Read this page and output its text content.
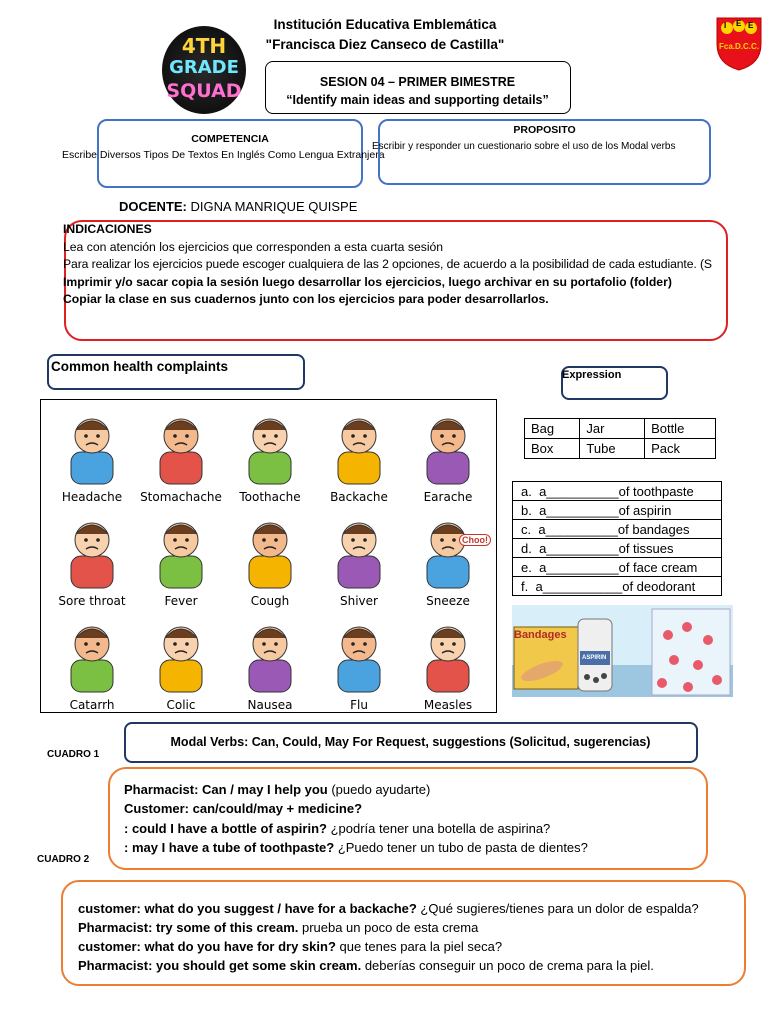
Institución Educativa Emblemática
"Francisca Diez Canseco de Castilla"
4TH
GRADE
SQUAD
I E E
Fca.D.C.C.
SESION 04 – PRIMER BIMESTRE
“Identify main ideas and supporting details”
COMPETENCIA
Escribe Diversos Tipos De Textos En Inglés Como Lengua Extranjera
PROPOSITO
Escribir y responder un cuestionario sobre el uso de los Modal verbs
DOCENTE: DIGNA MANRIQUE QUISPE
INDICACIONES
Lea con atención los ejercicios que corresponden a esta cuarta sesión
Para realizar los ejercicios puede escoger cualquiera de las 2 opciones, de acuerdo a la posibilidad de cada estudiante. (S
Imprimir y/o sacar copia la sesión luego desarrollar los ejercicios, luego archivar en su portafolio (folder)
Copiar la clase en sus cuadernos junto con los ejercicios para poder desarrollarlos.
Common health complaints
Headache	Stomachache	Toothache	Backache	Earache
Sore throat	Fever	Cough	Shiver	Sneeze
Choo!
Catarrh	Colic	Nausea	Flu	Measles
Expression
Bag	Jar	Bottle
Box	Tube	Pack
a. a__________of toothpaste
b. a__________of aspirin
c. a__________of bandages
d. a__________of tissues
e. a__________of face cream
f. a___________of deodorant
Bandages
ASPIRIN
Modal Verbs: Can, Could, May For Request, suggestions (Solicitud, sugerencias)
CUADRO 1
Pharmacist: Can / may I help you (puedo ayudarte)
Customer: can/could/may + medicine?
: could I have a bottle of aspirin? ¿podría tener una botella de aspirina?
: may I have a tube of toothpaste? ¿Puedo tener un tubo de pasta de dientes?
CUADRO 2
customer: what do you suggest / have for a backache? ¿Qué sugieres/tienes para un dolor de espalda?
Pharmacist: try some of this cream. prueba un poco de esta crema
customer: what do you have for dry skin? que tenes para la piel seca?
Pharmacist: you should get some skin cream. deberías conseguir un poco de crema para la piel.
